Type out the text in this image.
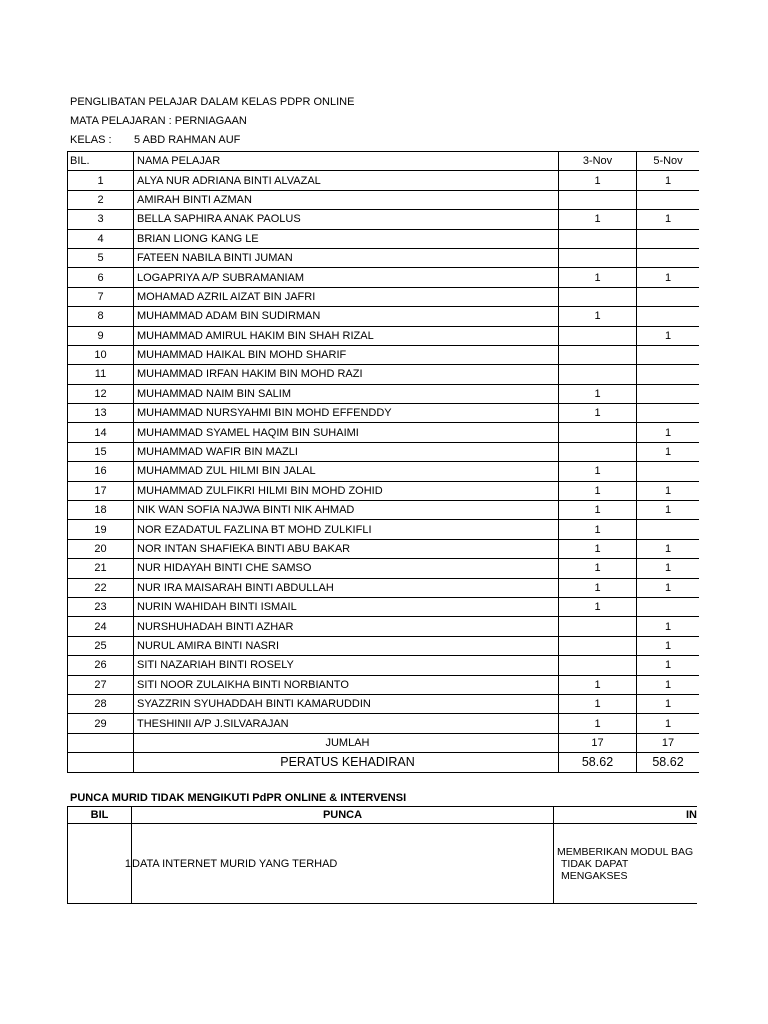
PENGLIBATAN PELAJAR DALAM KELAS PDPR ONLINE
MATA PELAJARAN : PERNIAGAAN
KELAS : 5 ABD RAHMAN AUF
BIL.	NAMA PELAJAR	3-Nov	5-Nov
1	ALYA NUR ADRIANA BINTI ALVAZAL	1	1
2	AMIRAH BINTI AZMAN		
3	BELLA SAPHIRA ANAK PAOLUS	1	1
4	BRIAN LIONG KANG LE		
5	FATEEN NABILA BINTI JUMAN		
6	LOGAPRIYA A/P SUBRAMANIAM	1	1
7	MOHAMAD AZRIL AIZAT BIN JAFRI		
8	MUHAMMAD ADAM BIN SUDIRMAN	1	
9	MUHAMMAD AMIRUL HAKIM BIN SHAH RIZAL		1
10	MUHAMMAD HAIKAL BIN MOHD SHARIF		
11	MUHAMMAD IRFAN HAKIM BIN MOHD RAZI		
12	MUHAMMAD NAIM BIN SALIM	1	
13	MUHAMMAD NURSYAHMI BIN MOHD EFFENDDY	1	
14	MUHAMMAD SYAMEL HAQIM BIN SUHAIMI		1
15	MUHAMMAD WAFIR BIN MAZLI		1
16	MUHAMMAD ZUL HILMI BIN JALAL	1	
17	MUHAMMAD ZULFIKRI HILMI BIN MOHD ZOHID	1	1
18	NIK WAN SOFIA NAJWA BINTI NIK AHMAD	1	1
19	NOR EZADATUL FAZLINA BT MOHD ZULKIFLI	1	
20	NOR INTAN SHAFIEKA BINTI ABU BAKAR	1	1
21	NUR HIDAYAH BINTI CHE SAMSO	1	1
22	NUR IRA MAISARAH BINTI ABDULLAH	1	1
23	NURIN WAHIDAH BINTI ISMAIL	1	
24	NURSHUHADAH BINTI AZHAR		1
25	NURUL AMIRA BINTI NASRI		1
26	SITI NAZARIAH BINTI ROSELY		1
27	SITI NOOR ZULAIKHA BINTI NORBIANTO	1	1
28	SYAZZRIN SYUHADDAH BINTI KAMARUDDIN	1	1
29	THESHINII A/P J.SILVARAJAN	1	1
	JUMLAH	17	17
	PERATUS KEHADIRAN	58.62	58.62
PUNCA MURID TIDAK MENGIKUTI PdPR ONLINE & INTERVENSI
BIL	PUNCA	IN
1	DATA INTERNET MURID YANG TERHAD	MEMBERIKAN MODUL BAG
TIDAK DAPAT MENGAKSES
